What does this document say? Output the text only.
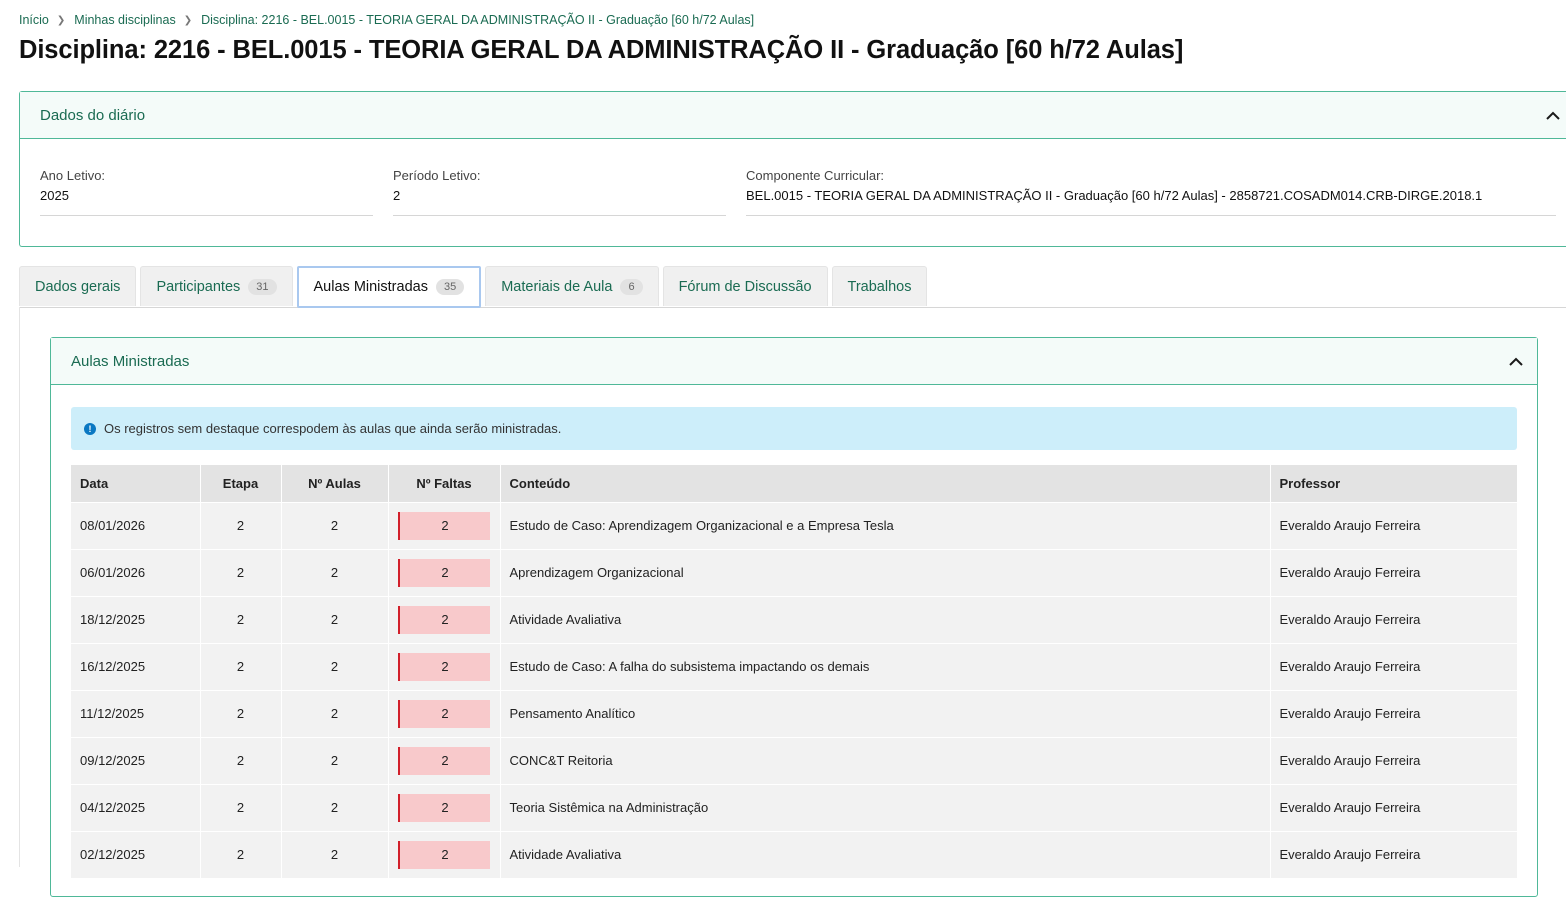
Início ❯ Minhas disciplinas ❯ Disciplina: 2216 - BEL.0015 - TEORIA GERAL DA ADMINISTRAÇÃO II - Graduação [60 h/72 Aulas]
Disciplina: 2216 - BEL.0015 - TEORIA GERAL DA ADMINISTRAÇÃO II - Graduação [60 h/72 Aulas]
Dados do diário
Ano Letivo:
2025
Período Letivo:
2
Componente Curricular:
BEL.0015 - TEORIA GERAL DA ADMINISTRAÇÃO II - Graduação [60 h/72 Aulas] - 2858721.COSADM014.CRB-DIRGE.2018.1
Dados gerais Participantes	31	Aulas Ministradas	35	Materiais de Aula	6	Fórum de Discussão Trabalhos
Aulas Ministradas
! Os registros sem destaque correspodem às aulas que ainda serão ministradas.
Data	Etapa	Nº Aulas	Nº Faltas	Conteúdo	Professor
08/01/2026	2	2	2	Estudo de Caso: Aprendizagem Organizacional e a Empresa Tesla	Everaldo Araujo Ferreira
06/01/2026	2	2	2	Aprendizagem Organizacional	Everaldo Araujo Ferreira
18/12/2025	2	2	2	Atividade Avaliativa	Everaldo Araujo Ferreira
16/12/2025	2	2	2	Estudo de Caso: A falha do subsistema impactando os demais	Everaldo Araujo Ferreira
11/12/2025	2	2	2	Pensamento Analítico	Everaldo Araujo Ferreira
09/12/2025	2	2	2	CONC&T Reitoria	Everaldo Araujo Ferreira
04/12/2025	2	2	2	Teoria Sistêmica na Administração	Everaldo Araujo Ferreira
02/12/2025	2	2	2	Atividade Avaliativa	Everaldo Araujo Ferreira
